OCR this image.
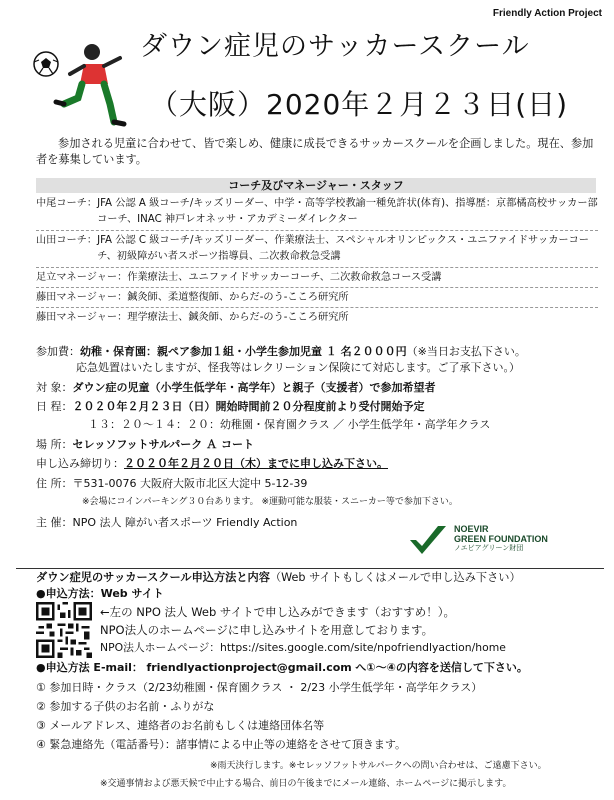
Friendly Action Project
ダウン症児のサッカースクール
（大阪）2020年２月２３日(日)
参加される児童に合わせて、皆で楽しめ、健康に成長できるサッカースクールを企画しました。現在、参加者を募集しています。
コーチ及びマネージャー・スタッフ
中尾コーチ： JFA 公認 A 級コーチ/キッズリーダー、中学・高等学校教諭一種免許状(体育)、指導歴：京都橘高校サッカー部コーチ、INAC 神戸レオネッサ・アカデミーダイレクター
山田コーチ： JFA 公認 C 級コーチ/キッズリーダー、作業療法士、スペシャルオリンピックス・ユニファイドサッカーコーチ、初級障がい者スポーツ指導員、二次救命救急受講
足立マネージャー： 作業療法士、ユニファイドサッカーコーチ、二次救命救急コース受講
藤田マネージャー： 鍼灸師、柔道整復師、からだ-のう-こころ研究所
藤田マネージャー： 理学療法士、鍼灸師、からだ-のう-こころ研究所
参加費：幼稚・保育園：親ペア参加１組・小学生参加児童 １ 名２０００円（※当日お支払下さい。
応急処置はいたしますが、怪我等はレクリーション保険にて対応します。ご了承下さい。）
対 象：ダウン症の児童（小学生低学年・高学年）と親子（支援者）で参加希望者
日 程：２０２０年２月２３日（日）開始時間前２０分程度前より受付開始予定
１３：２０～１４：２０：幼稚園・保育園クラス ／ 小学生低学年・高学年クラス
場 所：セレッソフットサルパーク Ａ コート
申し込み締切り：２０２０年２月２０日（木）までに申し込み下さい。
住 所：〒531-0076 大阪府大阪市北区大淀中 5-12-39
※会場にコインパーキング３０台あります。 ※運動可能な服装・スニーカー等で参加下さい。
主 催：NPO 法人 障がい者スポーツ Friendly Action	NOEVIR
GREEN FOUNDATION
ノエビアグリーン財団
ダウン症児のサッカースクール申込方法と内容（Web サイトもしくはメールで申し込み下さい）
●申込方法：Web サイト
←左の NPO 法人 Web サイトで申し込みができます（おすすめ！）。
NPO法人のホームページに申し込みサイトを用意しております。
NPO法人ホームページ：https://sites.google.com/site/npofriendlyaction/home
●申込方法 E-mail： friendlyactionproject@gmail.com へ①～④の内容を送信して下さい。
① 参加日時・クラス（2/23幼稚園・保育園クラス ・ 2/23 小学生低学年・高学年クラス）
② 参加する子供のお名前・ふりがな
③ メールアドレス、連絡者のお名前もしくは連絡団体名等
④ 緊急連絡先（電話番号）：諸事情による中止等の連絡をさせて頂きます。
※雨天決行します。※セレッソフットサルパークへの問い合わせは、ご遠慮下さい。
※交通事情および悪天候で中止する場合、前日の午後までにメール連絡、ホームページに掲示します。
